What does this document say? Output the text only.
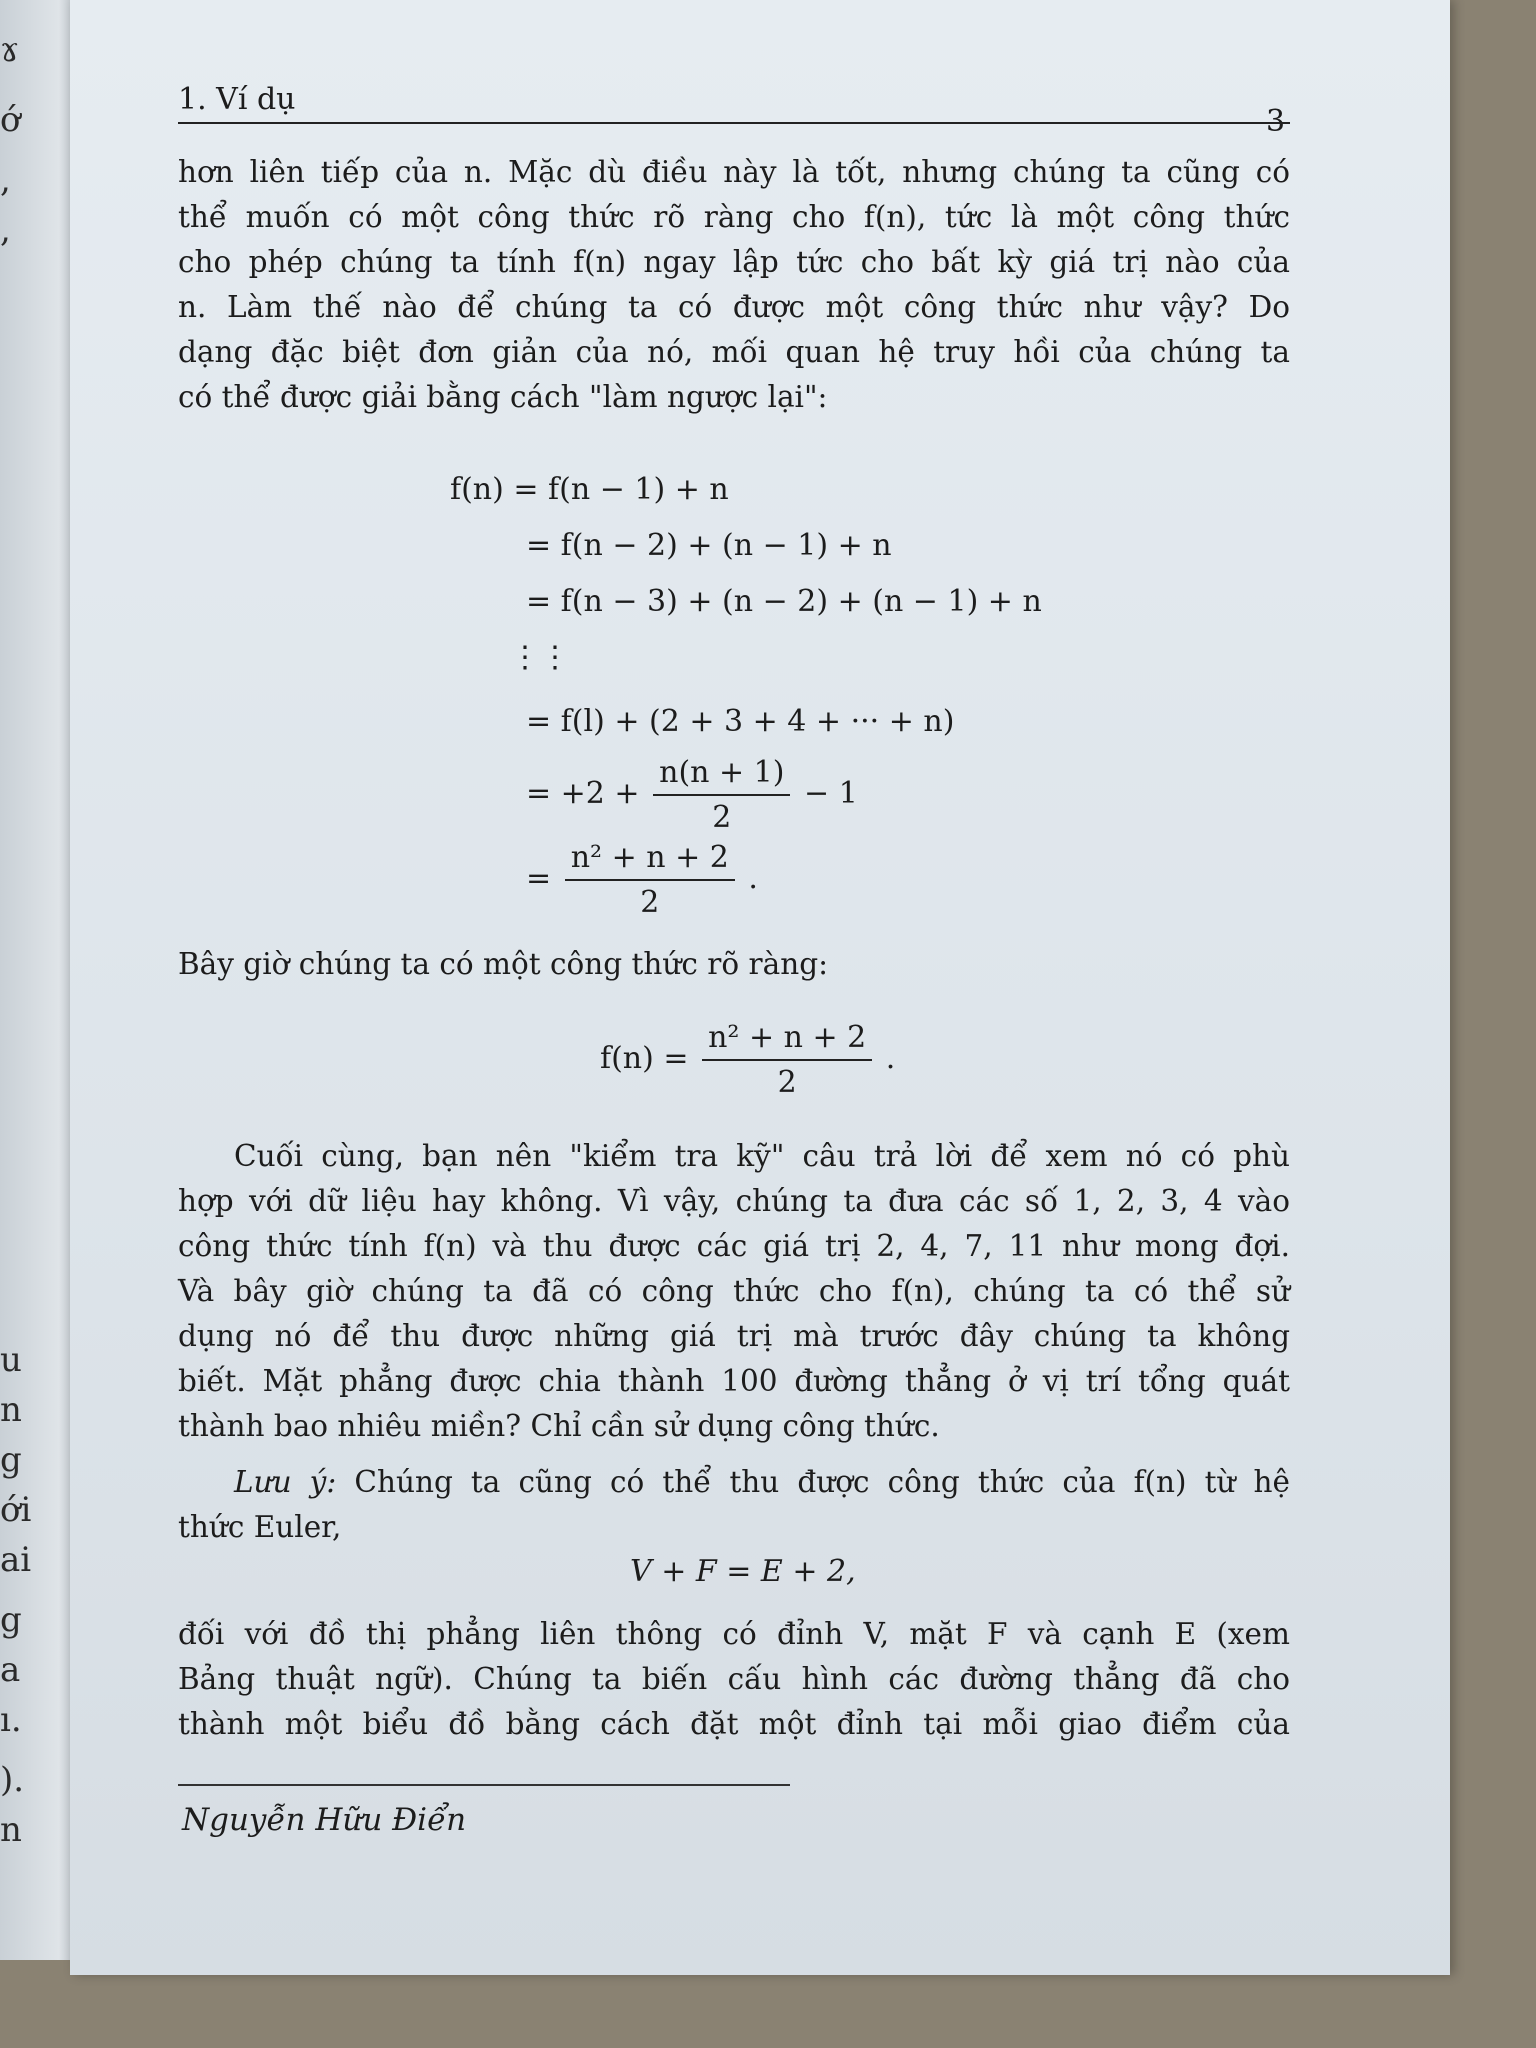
ɤ
ớ
,
,
u
n
g
ới
ai
g
a
ı.
).
n
1. Ví dụ
hơn liên tiếp của n. Mặc dù điều này là tốt, nhưng chúng ta cũng có
thể muốn có một công thức rõ ràng cho f(n), tức là một công thức
cho phép chúng ta tính f(n) ngay lập tức cho bất kỳ giá trị nào của
n. Làm thế nào để chúng ta có được một công thức như vậy? Do
dạng đặc biệt đơn giản của nó, mối quan hệ truy hồi của chúng ta
có thể được giải bằng cách "làm ngược lại":
f(n) = f(n − 1) + n
= f(n − 2) + (n − 1) + n
= f(n − 3) + (n − 2) + (n − 1) + n
⋮⋮
= f(l) + (2 + 3 + 4 + ··· + n)
= $+2 + \frac{n(n + 1)}{2} - 1$
= $\frac{\text{n² + n + 2}}{2}$ .
Bây giờ chúng ta có một công thức rõ ràng:
$f(n) = \frac{\text{n² + n + 2}}{2}$ .
Cuối cùng, bạn nên "kiểm tra kỹ" câu trả lời để xem nó có phù
hợp với dữ liệu hay không. Vì vậy, chúng ta đưa các số 1, 2, 3, 4 vào
công thức tính f(n) và thu được các giá trị 2, 4, 7, 11 như mong đợi.
Và bây giờ chúng ta đã có công thức cho f(n), chúng ta có thể sử
dụng nó để thu được những giá trị mà trước đây chúng ta không
biết. Mặt phẳng được chia thành 100 đường thẳng ở vị trí tổng quát
thành bao nhiêu miền? Chỉ cần sử dụng công thức.
Lưu ý: Chúng ta cũng có thể thu được công thức của f(n) từ hệ
thức Euler,
V + F = E + 2,
đối với đồ thị phẳng liên thông có đỉnh V, mặt F và cạnh E (xem
Bảng thuật ngữ). Chúng ta biến cấu hình các đường thẳng đã cho
thành một biểu đồ bằng cách đặt một đỉnh tại mỗi giao điểm của
Nguyễn Hữu Điển
